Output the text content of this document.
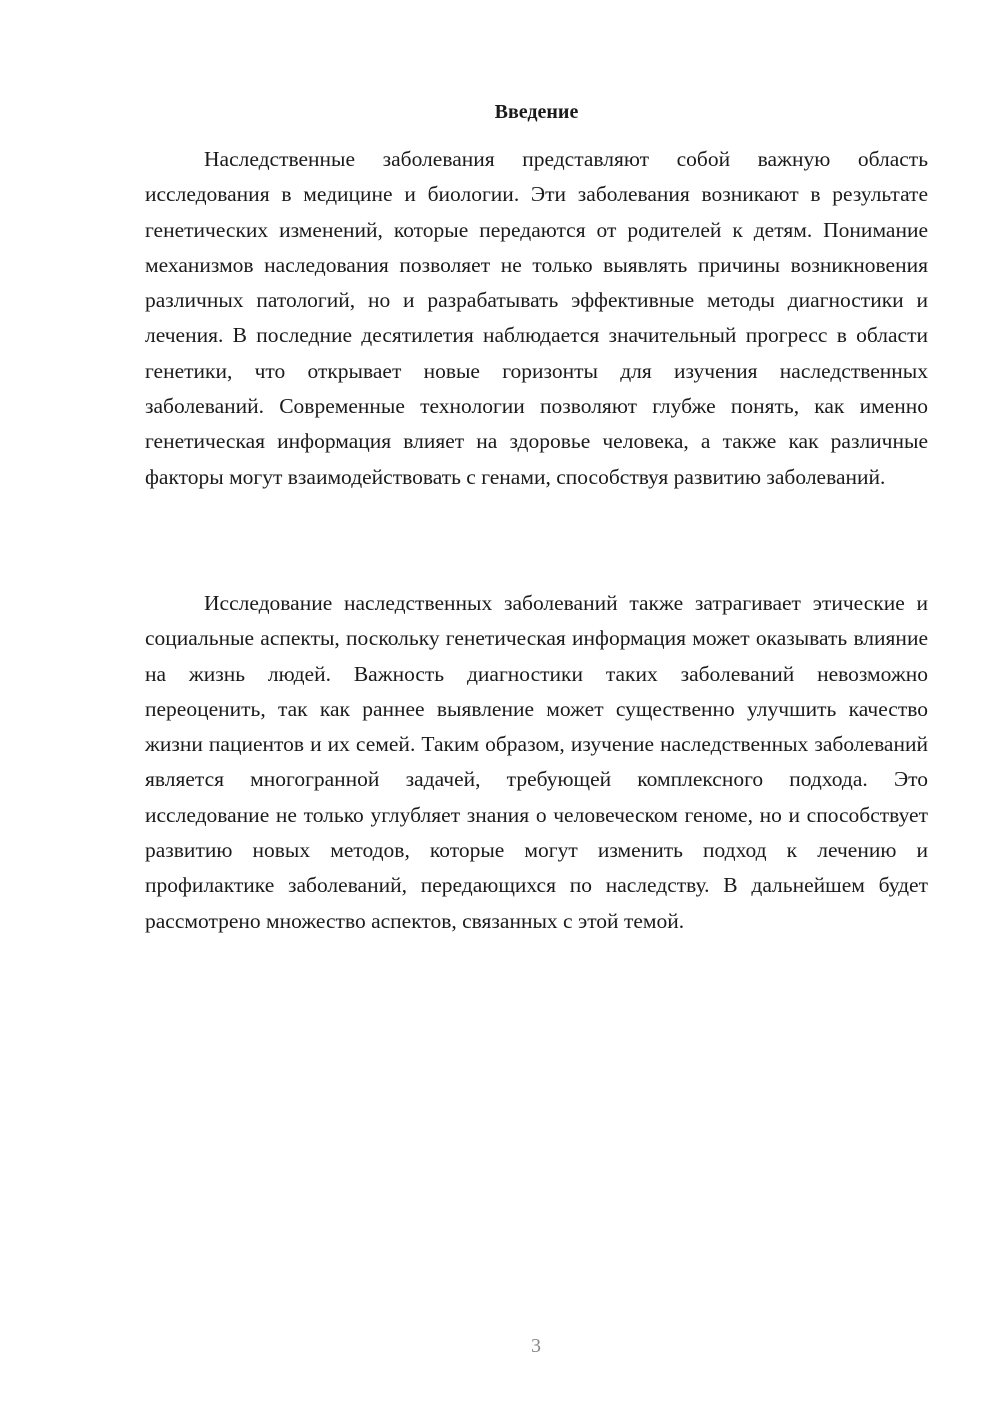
Введение

Наследственные заболевания представляют собой важную область исследования в медицине и биологии. Эти заболевания возникают в результате генетических изменений, которые передаются от родителей к детям. Понимание механизмов наследования позволяет не только выявлять причины возникновения различных патологий, но и разрабатывать эффективные методы диагностики и лечения. В последние десятилетия наблюдается значительный прогресс в области генетики, что открывает новые горизонты для изучения наследственных заболеваний. Современные технологии позволяют глубже понять, как именно генетическая информация влияет на здоровье человека, а также как различные факторы могут взаимодействовать с генами, способствуя развитию заболеваний.

Исследование наследственных заболеваний также затрагивает этические и социальные аспекты, поскольку генетическая информация может оказывать влияние на жизнь людей. Важность диагностики таких заболеваний невозможно переоценить, так как раннее выявление может существенно улучшить качество жизни пациентов и их семей. Таким образом, изучение наследственных заболеваний является многогранной задачей, требующей комплексного подхода. Это исследование не только углубляет знания о человеческом геноме, но и способствует развитию новых методов, которые могут изменить подход к лечению и профилактике заболеваний, передающихся по наследству. В дальнейшем будет рассмотрено множество аспектов, связанных с этой темой.

3
